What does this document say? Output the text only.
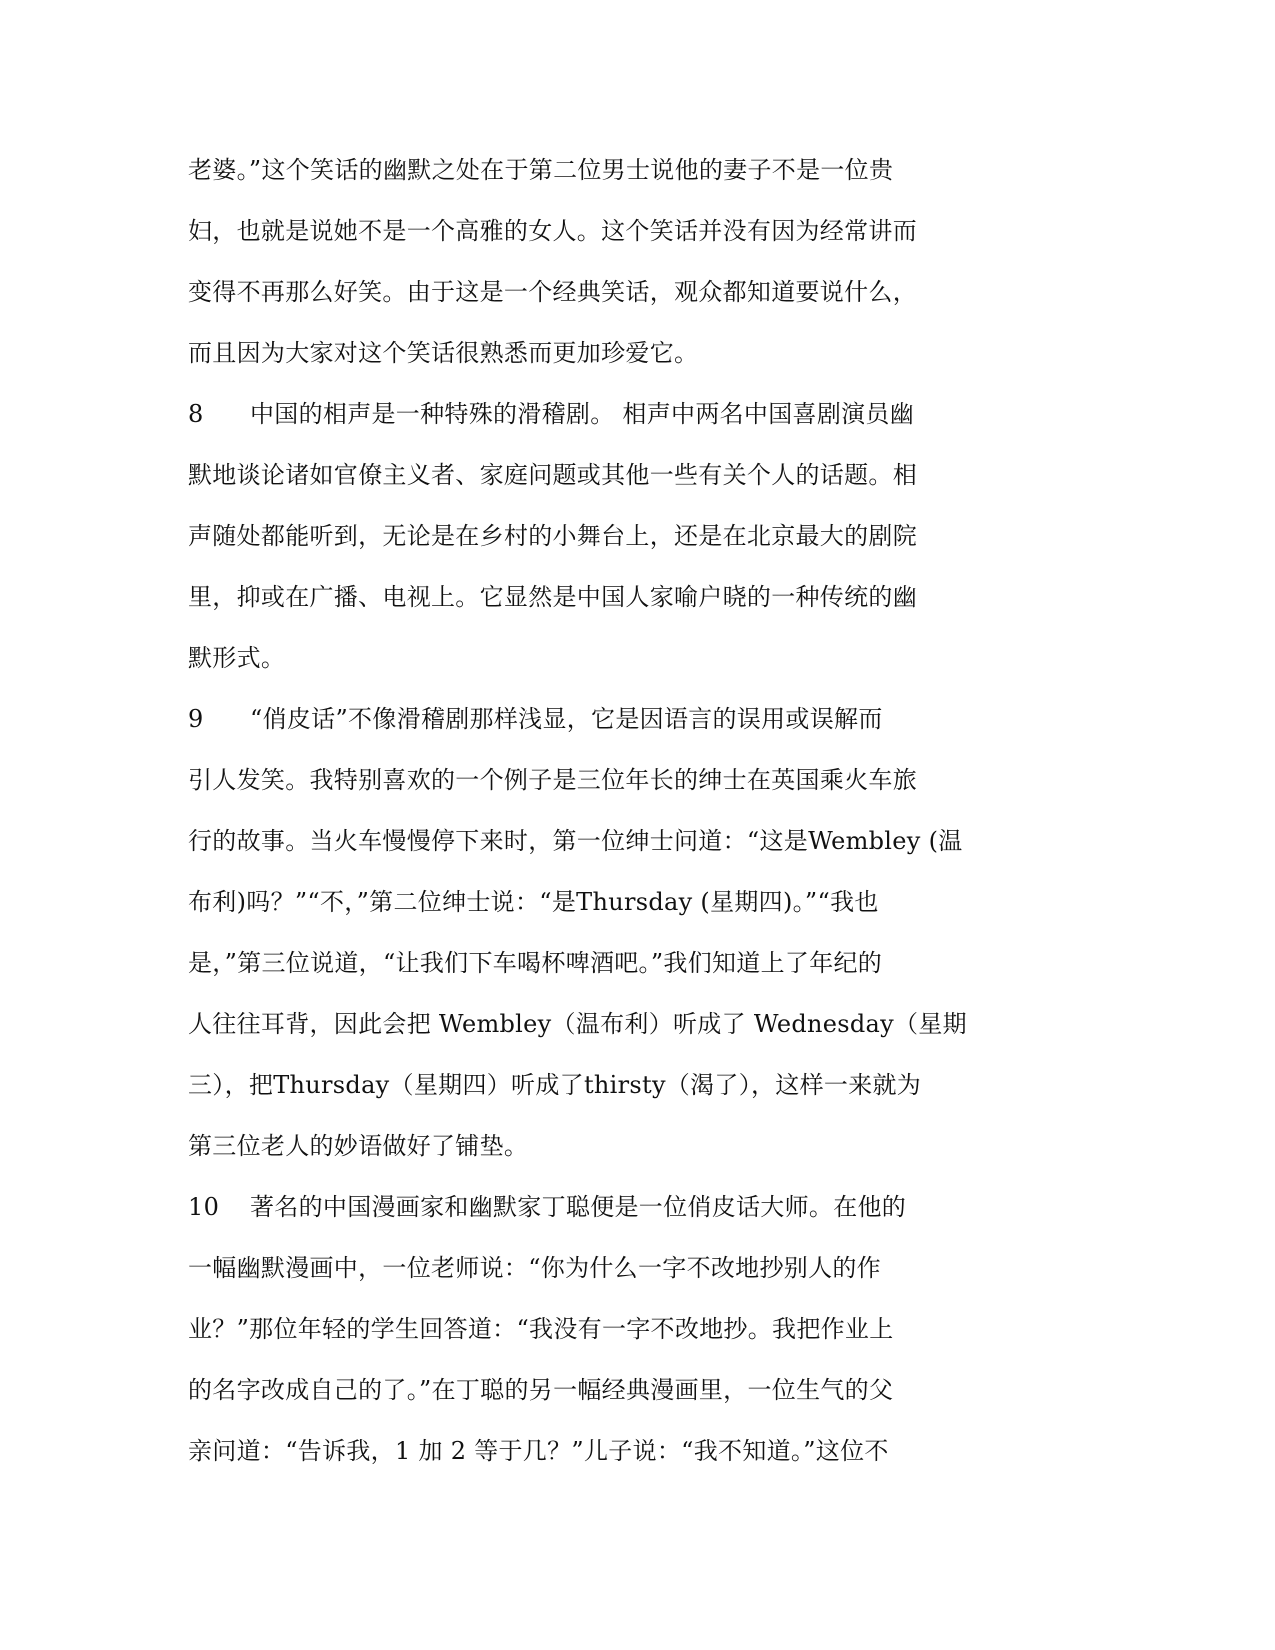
老婆。”这个笑话的幽默之处在于第二位男士说他的妻子不是一位贵
妇，也就是说她不是一个高雅的女人。这个笑话并没有因为经常讲而
变得不再那么好笑。由于这是一个经典笑话，观众都知道要说什么，
而且因为大家对这个笑话很熟悉而更加珍爱它。
8 中国的相声是一种特殊的滑稽剧。 相声中两名中国喜剧演员幽
默地谈论诸如官僚主义者、家庭问题或其他一些有关个人的话题。相
声随处都能听到，无论是在乡村的小舞台上，还是在北京最大的剧院
里，抑或在广播、电视上。它显然是中国人家喻户晓的一种传统的幽
默形式。
9 “俏皮话”不像滑稽剧那样浅显，它是因语言的误用或误解而
引人发笑。我特别喜欢的一个例子是三位年长的绅士在英国乘火车旅
行的故事。当火车慢慢停下来时，第一位绅士问道：“这是Wembley (温
布利)吗？”“不，”第二位绅士说：“是Thursday (星期四)。”“我也
是，”第三位说道，“让我们下车喝杯啤酒吧。”我们知道上了年纪的
人往往耳背，因此会把 Wembley（温布利）听成了 Wednesday（星期
三），把Thursday（星期四）听成了thirsty（渴了），这样一来就为
第三位老人的妙语做好了铺垫。
10 著名的中国漫画家和幽默家丁聪便是一位俏皮话大师。在他的
一幅幽默漫画中，一位老师说：“你为什么一字不改地抄别人的作
业？”那位年轻的学生回答道：“我没有一字不改地抄。我把作业上
的名字改成自己的了。”在丁聪的另一幅经典漫画里，一位生气的父
亲问道：“告诉我，1 加 2 等于几？”儿子说：“我不知道。”这位不
